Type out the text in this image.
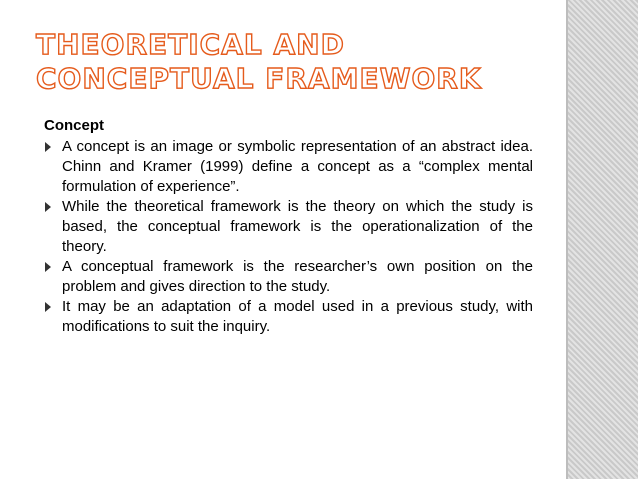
THEORETICAL AND
CONCEPTUAL FRAMEWORK

Concept

A concept is an image or symbolic representation of an abstract idea. Chinn and Kramer (1999) define a concept as a “complex mental formulation of experience”.
While the theoretical framework is the theory on which the study is based, the conceptual framework is the operationalization of the theory.
A conceptual framework is the researcher’s own position on the problem and gives direction to the study.
It may be an adaptation of a model used in a previous study, with modifications to suit the inquiry.
